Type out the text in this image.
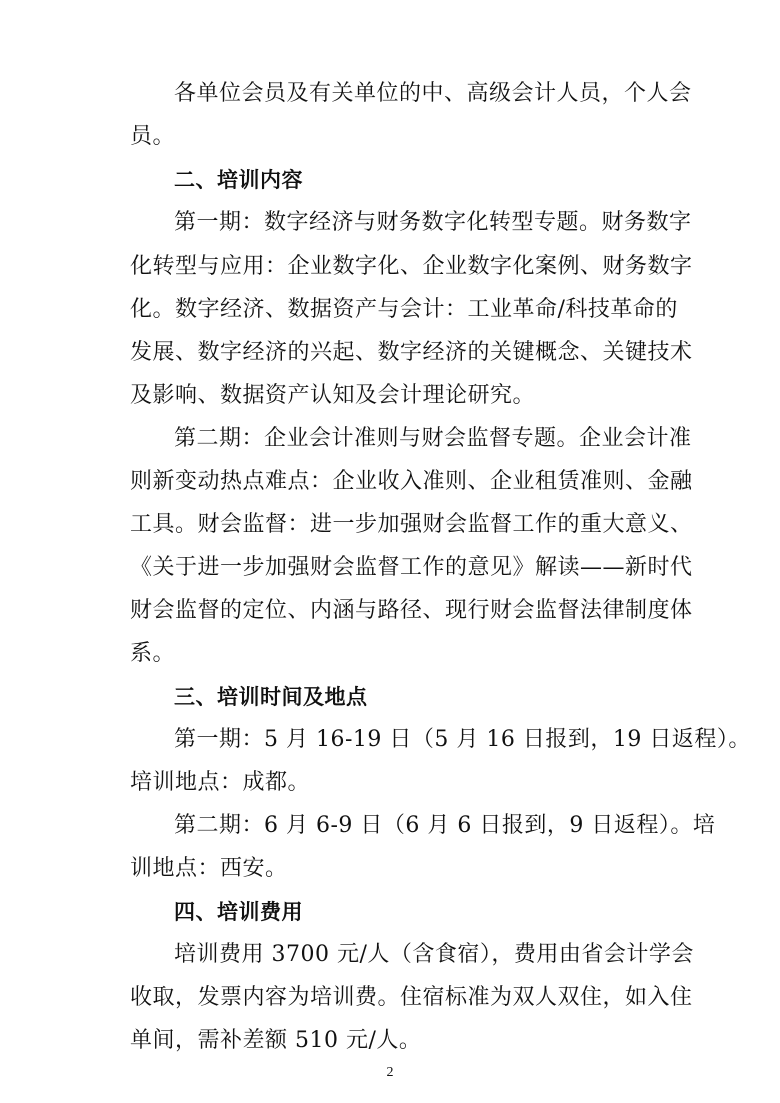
各单位会员及有关单位的中、高级会计人员，个人会
员。
二、培训内容
第一期：数字经济与财务数字化转型专题。财务数字
化转型与应用：企业数字化、企业数字化案例、财务数字
化。数字经济、数据资产与会计：工业革命/科技革命的
发展、数字经济的兴起、数字经济的关键概念、关键技术
及影响、数据资产认知及会计理论研究。
第二期：企业会计准则与财会监督专题。企业会计准
则新变动热点难点：企业收入准则、企业租赁准则、金融
工具。财会监督：进一步加强财会监督工作的重大意义、
《关于进一步加强财会监督工作的意见》解读——新时代
财会监督的定位、内涵与路径、现行财会监督法律制度体
系。
三、培训时间及地点
第一期：5 月 16-19 日（5 月 16 日报到，19 日返程）。
培训地点：成都。
第二期：6 月 6-9 日（6 月 6 日报到，9 日返程）。培
训地点：西安。
四、培训费用
培训费用 3700 元/人（含食宿），费用由省会计学会
收取，发票内容为培训费。住宿标准为双人双住，如入住
单间，需补差额 510 元/人。
2
